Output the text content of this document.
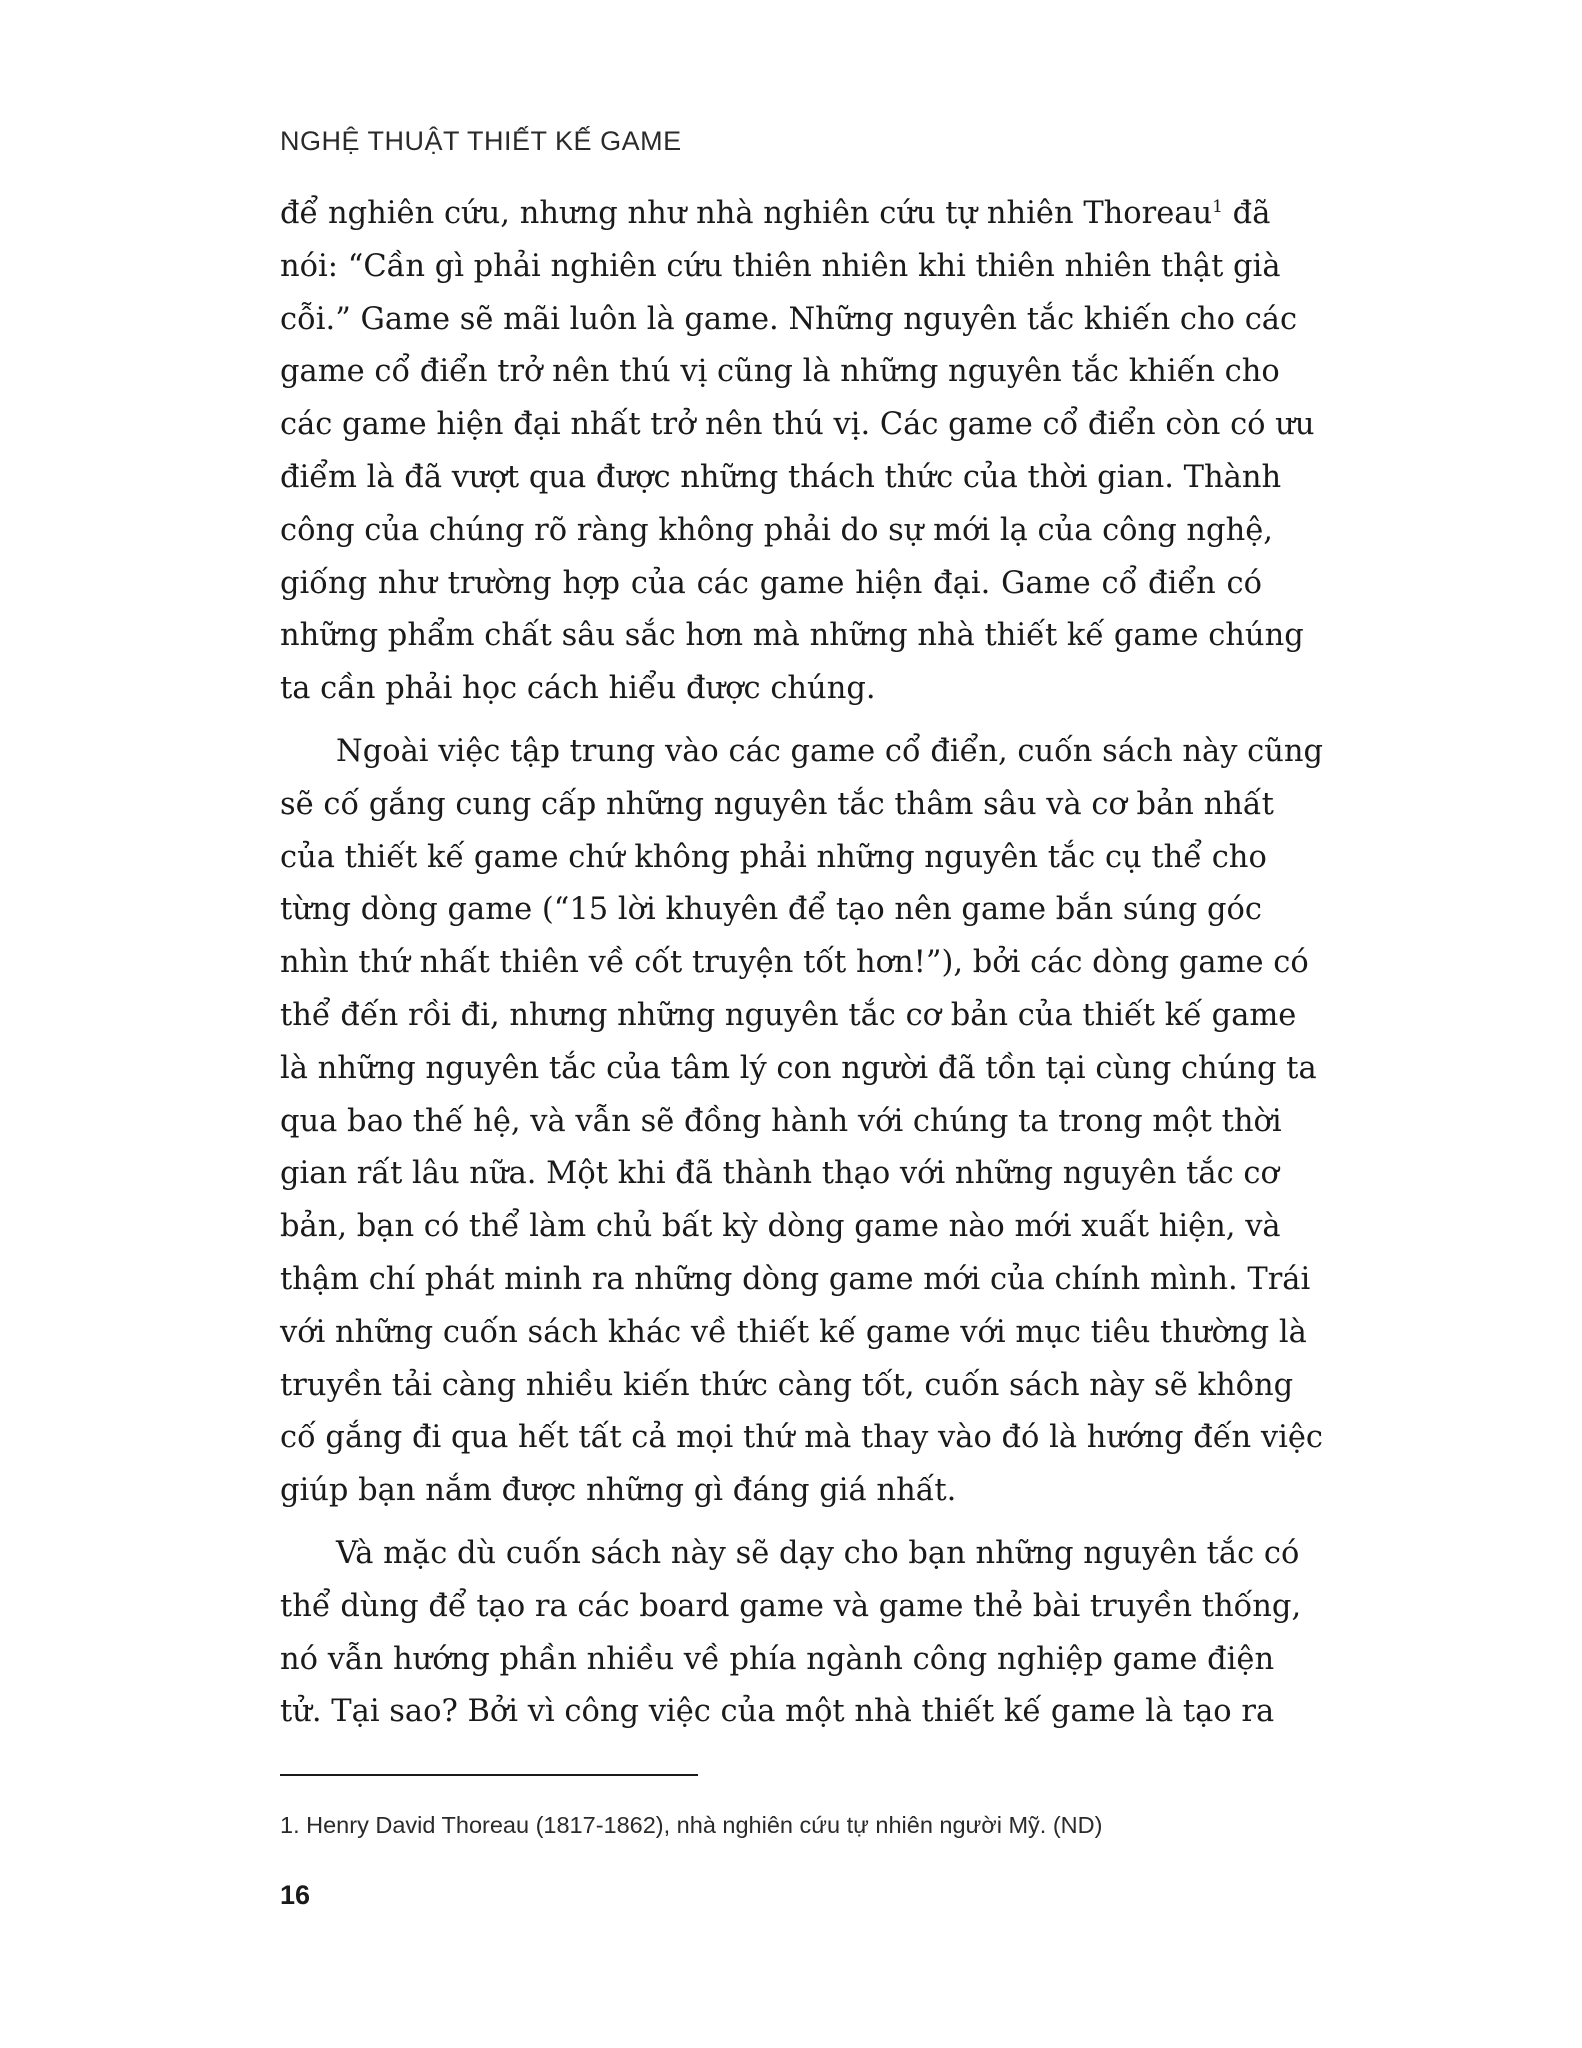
NGHỆ THUẬT THIẾT KẾ GAME
để nghiên cứu, nhưng như nhà nghiên cứu tự nhiên Thoreau$^1$ đã
nói: “Cần gì phải nghiên cứu thiên nhiên khi thiên nhiên thật già
cỗi.” Game sẽ mãi luôn là game. Những nguyên tắc khiến cho các
game cổ điển trở nên thú vị cũng là những nguyên tắc khiến cho
các game hiện đại nhất trở nên thú vị. Các game cổ điển còn có ưu
điểm là đã vượt qua được những thách thức của thời gian. Thành
công của chúng rõ ràng không phải do sự mới lạ của công nghệ,
giống như trường hợp của các game hiện đại. Game cổ điển có
những phẩm chất sâu sắc hơn mà những nhà thiết kế game chúng
ta cần phải học cách hiểu được chúng.
Ngoài việc tập trung vào các game cổ điển, cuốn sách này cũng
sẽ cố gắng cung cấp những nguyên tắc thâm sâu và cơ bản nhất
của thiết kế game chứ không phải những nguyên tắc cụ thể cho
từng dòng game (“15 lời khuyên để tạo nên game bắn súng góc
nhìn thứ nhất thiên về cốt truyện tốt hơn!”), bởi các dòng game có
thể đến rồi đi, nhưng những nguyên tắc cơ bản của thiết kế game
là những nguyên tắc của tâm lý con người đã tồn tại cùng chúng ta
qua bao thế hệ, và vẫn sẽ đồng hành với chúng ta trong một thời
gian rất lâu nữa. Một khi đã thành thạo với những nguyên tắc cơ
bản, bạn có thể làm chủ bất kỳ dòng game nào mới xuất hiện, và
thậm chí phát minh ra những dòng game mới của chính mình. Trái
với những cuốn sách khác về thiết kế game với mục tiêu thường là
truyền tải càng nhiều kiến thức càng tốt, cuốn sách này sẽ không
cố gắng đi qua hết tất cả mọi thứ mà thay vào đó là hướng đến việc
giúp bạn nắm được những gì đáng giá nhất.
Và mặc dù cuốn sách này sẽ dạy cho bạn những nguyên tắc có
thể dùng để tạo ra các board game và game thẻ bài truyền thống,
nó vẫn hướng phần nhiều về phía ngành công nghiệp game điện
tử. Tại sao? Bởi vì công việc của một nhà thiết kế game là tạo ra
1. Henry David Thoreau (1817-1862), nhà nghiên cứu tự nhiên người Mỹ. (ND)
16
